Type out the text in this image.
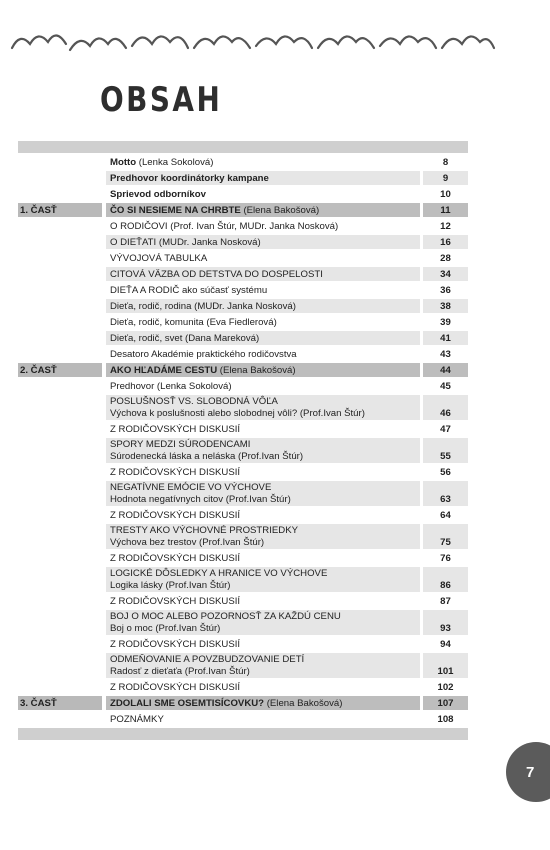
OBSAH
Motto (Lenka Sokolová)	8
Predhovor koordinátorky kampane	9
Sprievod odborníkov	10
1. ČASŤ	ČO SI NESIEME NA CHRBTE (Elena Bakošová)	11
O RODIČOVI (Prof. Ivan Štúr, MUDr. Janka Nosková)	12
O DIEŤATI (MUDr. Janka Nosková)	16
VÝVOJOVÁ TABULKA	28
CITOVÁ VÄZBA OD DETSTVA DO DOSPELOSTI	34
DIEŤA A RODIČ ako súčasť systému	36
Dieťa, rodič, rodina (MUDr. Janka Nosková)	38
Dieťa, rodič, komunita (Eva Fiedlerová)	39
Dieťa, rodič, svet (Dana Mareková)	41
Desatoro Akadémie praktického rodičovstva	43
2. ČASŤ	AKO HĽADÁME CESTU (Elena Bakošová)	44
Predhovor (Lenka Sokolová)	45
POSLUŠNOSŤ VS. SLOBODNÁ VÔĽA
Výchova k poslušnosti alebo slobodnej vôli? (Prof.Ivan Štúr)	46
Z RODIČOVSKÝCH DISKUSIÍ	47
SPORY MEDZI SÚRODENCAMI
Súrodenecká láska a neláska (Prof.Ivan Štúr)	55
Z RODIČOVSKÝCH DISKUSIÍ	56
NEGATÍVNE EMÓCIE VO VÝCHOVE
Hodnota negatívnych citov (Prof.Ivan Štúr)	63
Z RODIČOVSKÝCH DISKUSIÍ	64
TRESTY AKO VÝCHOVNÉ PROSTRIEDKY
Výchova bez trestov (Prof.Ivan Štúr)	75
Z RODIČOVSKÝCH DISKUSIÍ	76
LOGICKÉ DÔSLEDKY A HRANICE VO VÝCHOVE
Logika lásky (Prof.Ivan Štúr)	86
Z RODIČOVSKÝCH DISKUSIÍ	87
BOJ O MOC ALEBO POZORNOSŤ ZA KAŽDÚ CENU
Boj o moc (Prof.Ivan Štúr)	93
Z RODIČOVSKÝCH DISKUSIÍ	94
ODMEŇOVANIE A POVZBUDZOVANIE DETÍ
Radosť z dieťaťa (Prof.Ivan Štúr)	101
Z RODIČOVSKÝCH DISKUSIÍ	102
3. ČASŤ	ZDOLALI SME OSEMTISÍCOVKU? (Elena Bakošová)	107
POZNÁMKY	108
7
